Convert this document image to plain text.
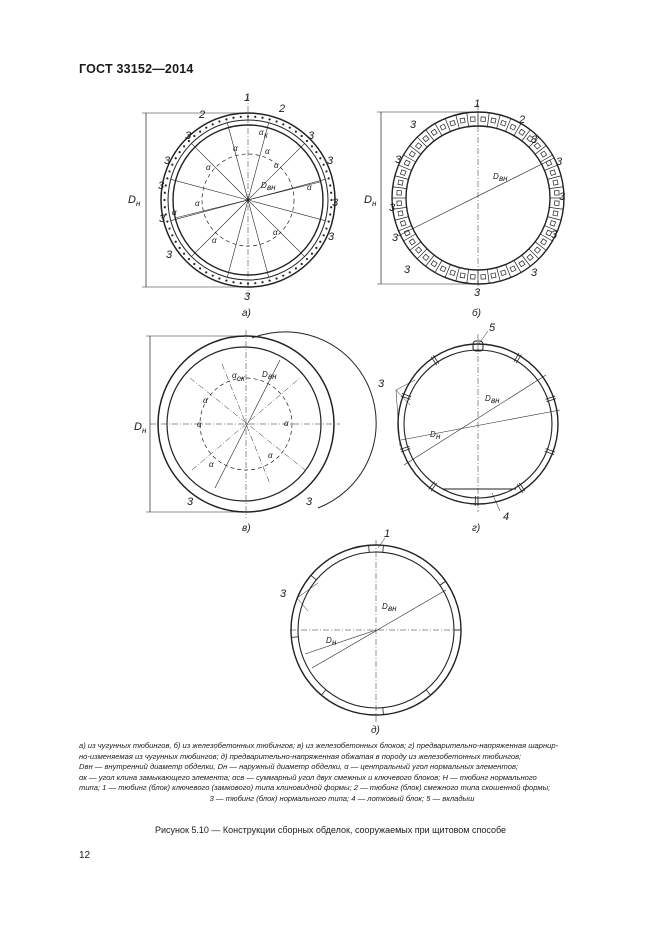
ГОСТ 33152—2014
1
2	2
3	3
3	3
3
3
3
3
3
3
D н
α к
α	α
α	α
α
α
α
α
α
D вн
а)
1
2
3
3
3	3
3
3
3	3
3
3
3
D н
D вн
б)
D н
α ск D вн
α
α
α
α
α
3	3
в)
5
3
4
D вн
D н
г)
1
3
D вн
D н
д)

а) из чугунных тюбингов, б) из железобетонных тюбингов; в) из железобетонных блоков; г) предварительно-напряженная шарнир-

но-изменяемая из чугунных тюбингов; д) предварительно-напряженная обжатая в породу из железобетонных тюбингов;

Dвн — внутренний диаметр обделки, Dн — наружный диаметр обделки, α — центральный угол нормальных элементов;

αк — угол клина замыкающего элемента; αсв — суммарный угол двух смежных и ключевого блоков; H — тюбинг нормального

типа; 1 — тюбинг (блок) ключевого (замкового) типа клиновидной формы; 2 — тюбинг (блок) смежного типа скошенной формы;

3 — тюбинг (блок) нормального типа; 4 — лотковый блок; 5 — вкладыш

Рисунок 5.10 — Конструкции сборных обделок, сооружаемых при щитовом способе
12
